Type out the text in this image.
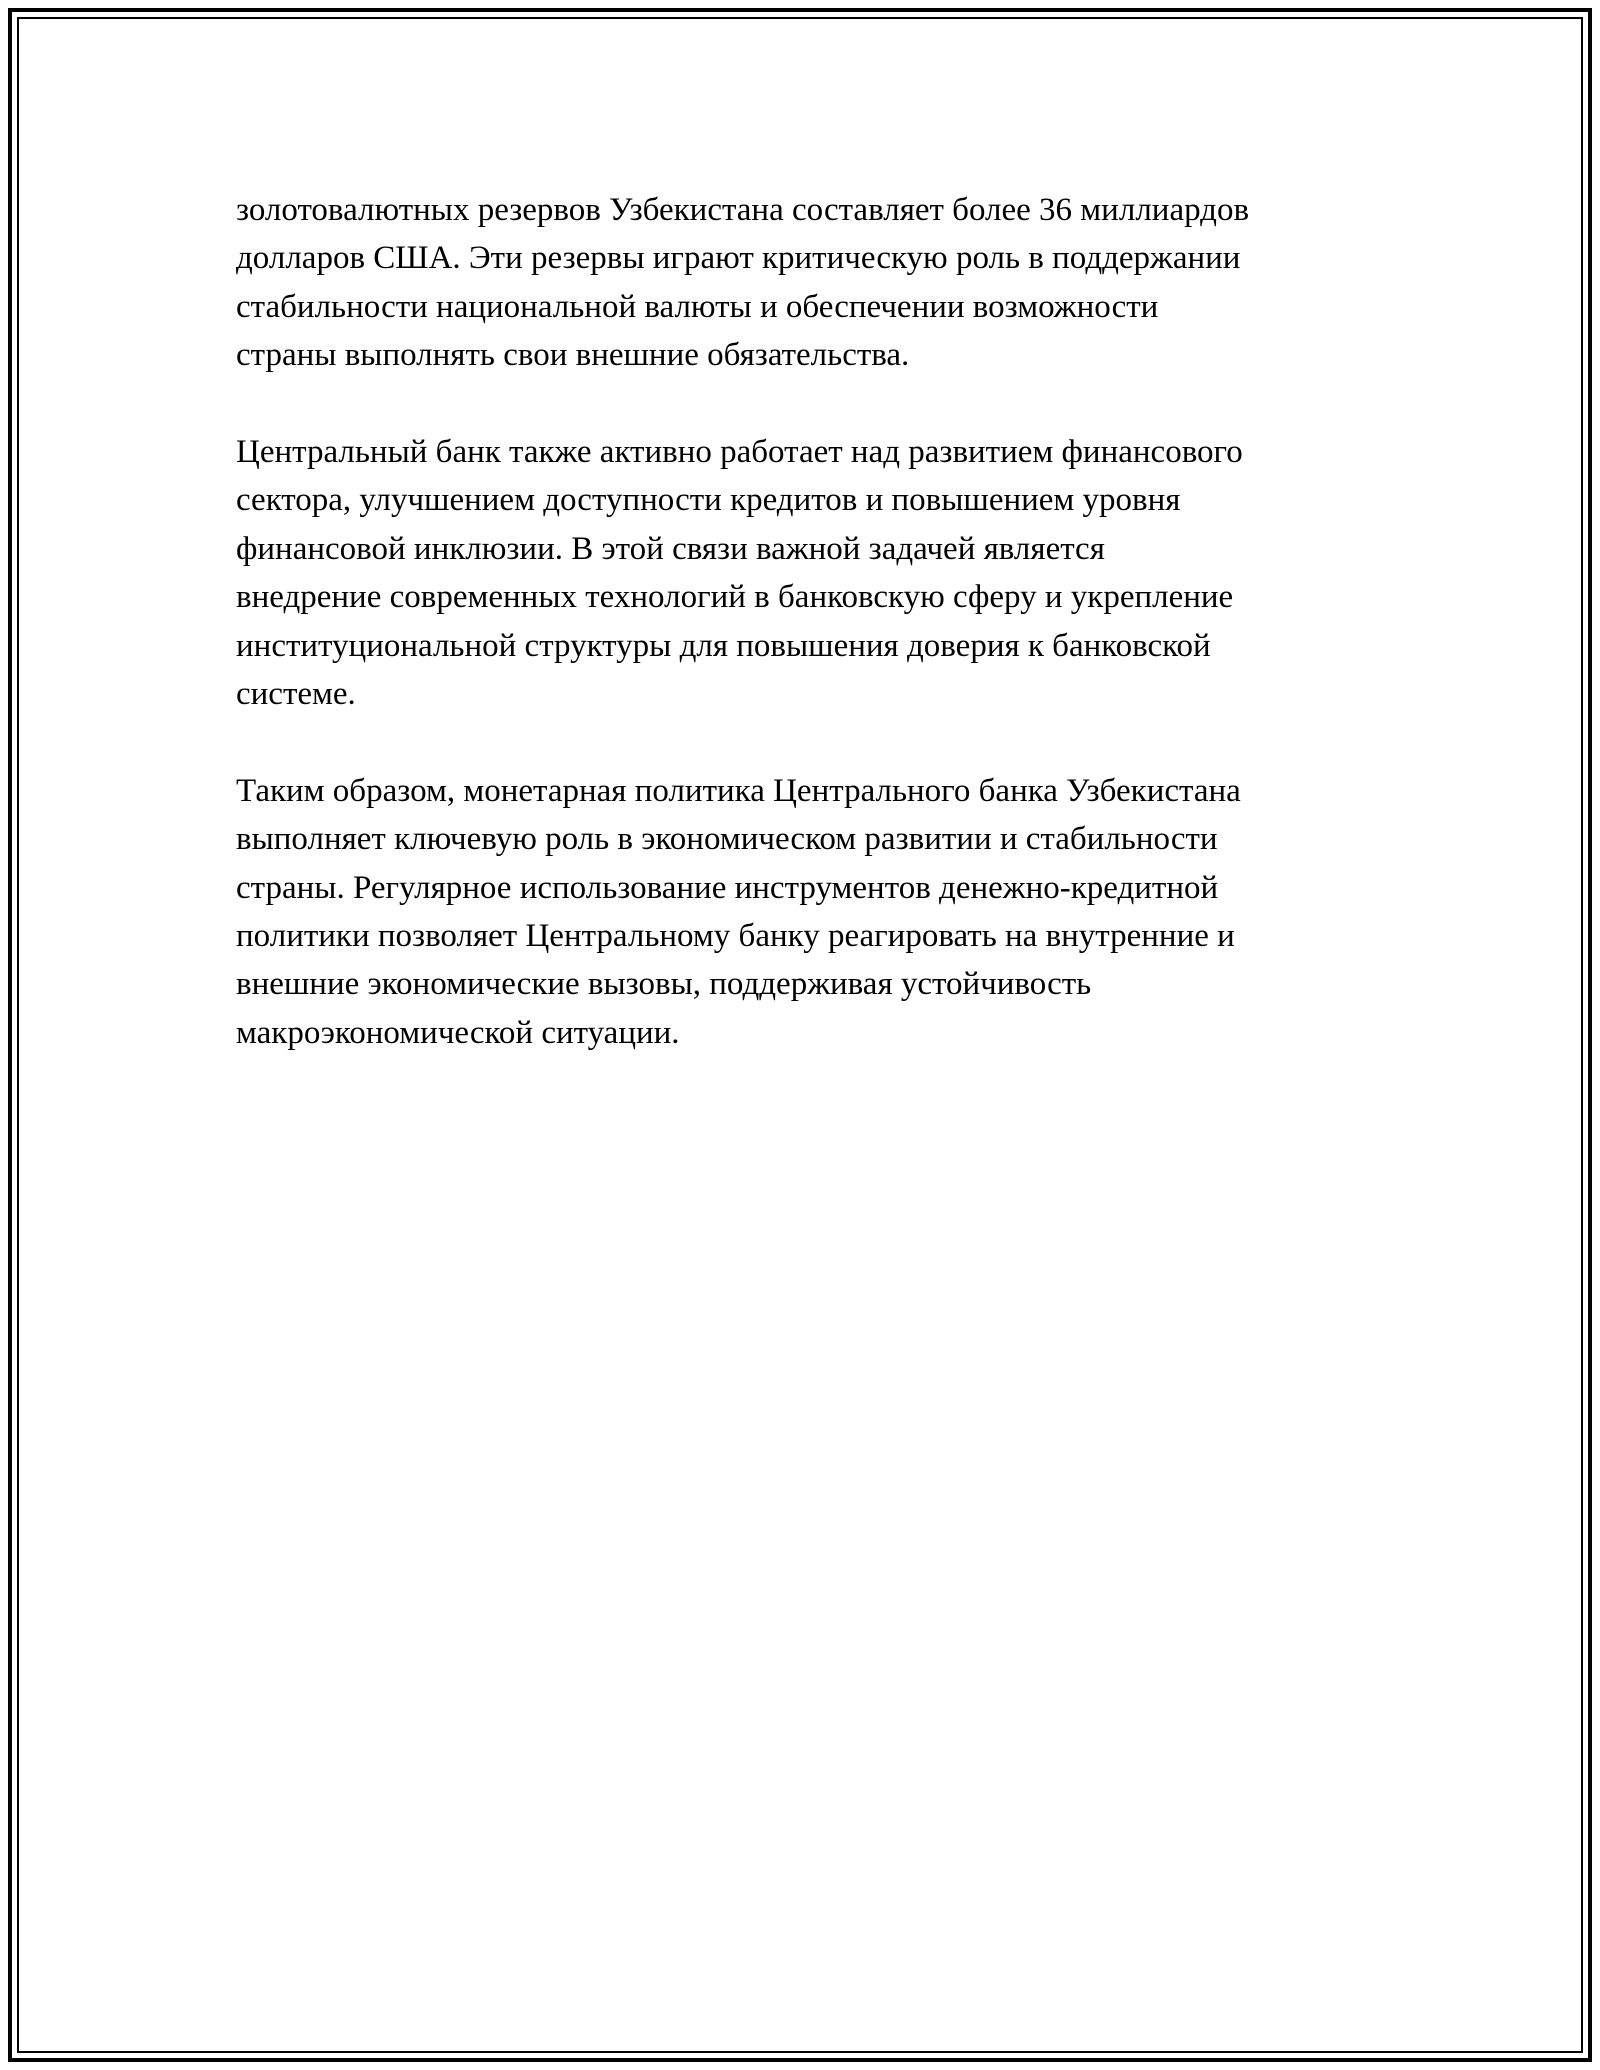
золотовалютных резервов Узбекистана составляет более 36 миллиардов
долларов США. Эти резервы играют критическую роль в поддержании
стабильности национальной валюты и обеспечении возможности
страны выполнять свои внешние обязательства.

Центральный банк также активно работает над развитием финансового
сектора, улучшением доступности кредитов и повышением уровня
финансовой инклюзии. В этой связи важной задачей является
внедрение современных технологий в банковскую сферу и укрепление
институциональной структуры для повышения доверия к банковской
системе.

Таким образом, монетарная политика Центрального банка Узбекистана
выполняет ключевую роль в экономическом развитии и стабильности
страны. Регулярное использование инструментов денежно-кредитной
политики позволяет Центральному банку реагировать на внутренние и
внешние экономические вызовы, поддерживая устойчивость
макроэкономической ситуации.
